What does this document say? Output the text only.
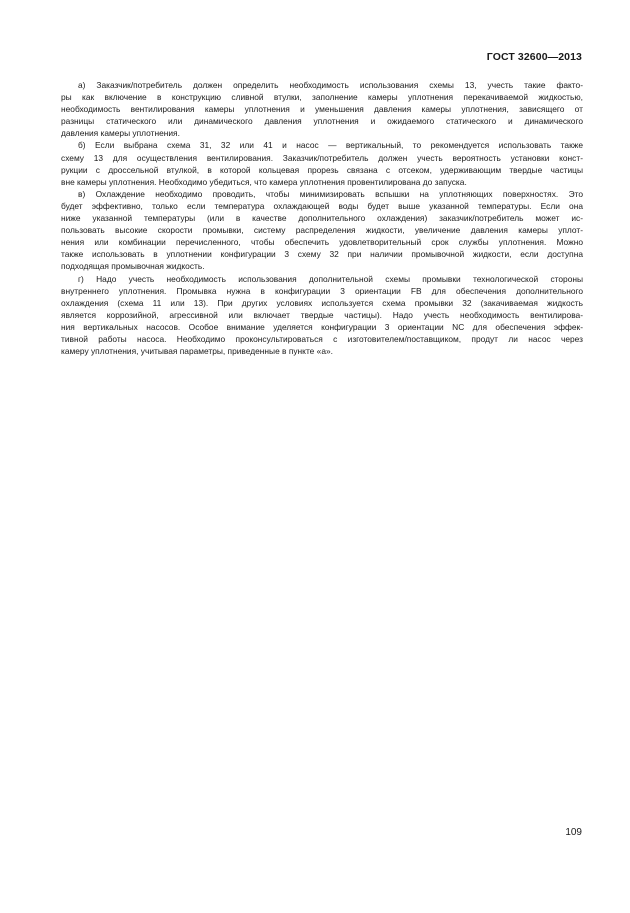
ГОСТ 32600—2013

а) Заказчик/потребитель должен определить необходимость использования схемы 13, учесть такие факто-
ры как включение в конструкцию сливной втулки, заполнение камеры уплотнения перекачиваемой жидкостью,
необходимость вентилирования камеры уплотнения и уменьшения давления камеры уплотнения, зависящего от
разницы статического или динамического давления уплотнения и ожидаемого статического и динамического
давления камеры уплотнения.

б) Если выбрана схема 31, 32 или 41 и насос — вертикальный, то рекомендуется использовать также
схему 13 для осуществления вентилирования. Заказчик/потребитель должен учесть вероятность установки конст-
рукции с дроссельной втулкой, в которой кольцевая прорезь связана с отсеком, удерживающим твердые частицы
вне камеры уплотнения. Необходимо убедиться, что камера уплотнения провентилирована до запуска.

в) Охлаждение необходимо проводить, чтобы минимизировать вспышки на уплотняющих поверхностях. Это
будет эффективно, только если температура охлаждающей воды будет выше указанной температуры. Если она
ниже указанной температуры (или в качестве дополнительного охлаждения) заказчик/потребитель может ис-
пользовать высокие скорости промывки, систему распределения жидкости, увеличение давления камеры уплот-
нения или комбинации перечисленного, чтобы обеспечить удовлетворительный срок службы уплотнения. Можно
также использовать в уплотнении конфигурации 3 схему 32 при наличии промывочной жидкости, если доступна
подходящая промывочная жидкость.

г) Надо учесть необходимость использования дополнительной схемы промывки технологической стороны
внутреннего уплотнения. Промывка нужна в конфигурации 3 ориентации FB для обеспечения дополнительного
охлаждения (схема 11 или 13). При других условиях используется схема промывки 32 (закачиваемая жидкость
является коррозийной, агрессивной или включает твердые частицы). Надо учесть необходимость вентилирова-
ния вертикальных насосов. Особое внимание уделяется конфигурации 3 ориентации NC для обеспечения эффек-
тивной работы насоса. Необходимо проконсультироваться с изготовителем/поставщиком, продут ли насос через
камеру уплотнения, учитывая параметры, приведенные в пункте «а».

109
